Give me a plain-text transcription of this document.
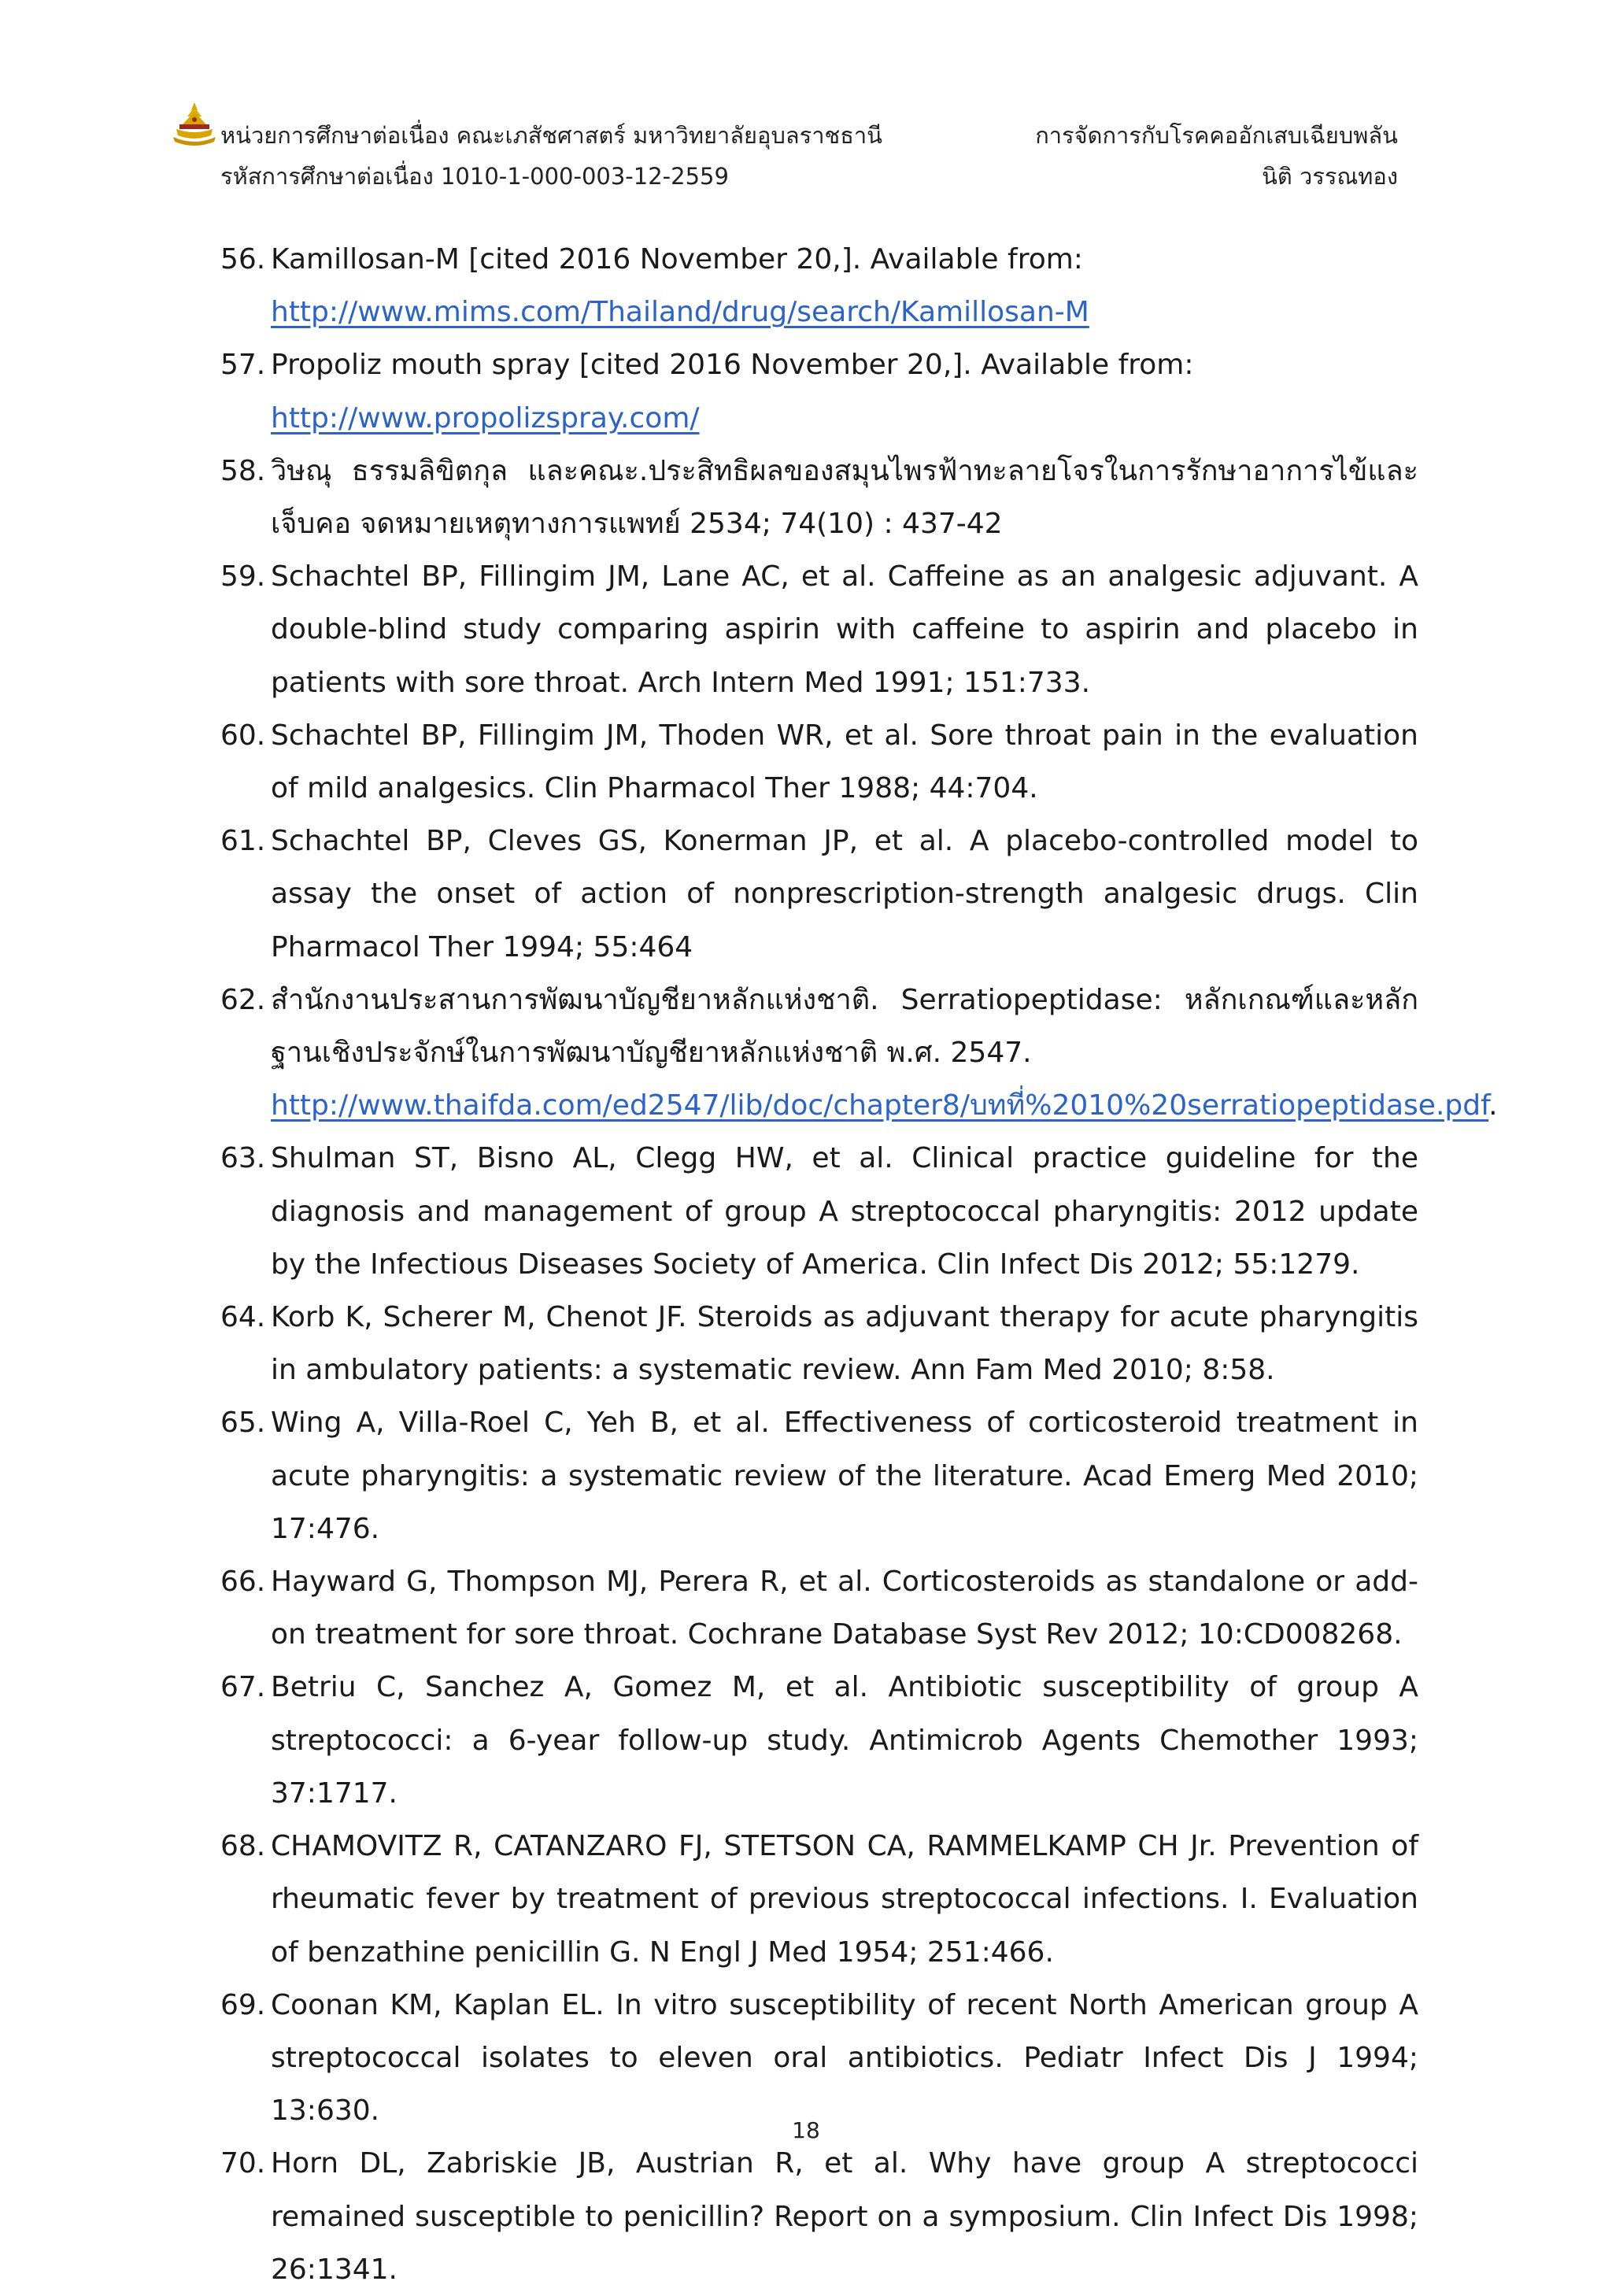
หน่วยการศึกษาต่อเนื่อง คณะเภสัชศาสตร์ มหาวิทยาลัยอุบลราชธานี
รหัสการศึกษาต่อเนื่อง 1010-1-000-003-12-2559
การจัดการกับโรคคออักเสบเฉียบพลัน
นิติ วรรณทอง
56. Kamillosan-M [cited 2016 November 20,]. Available from:
http://www.mims.com/Thailand/drug/search/Kamillosan-M
57. Propoliz mouth spray [cited 2016 November 20,]. Available from:
http://www.propolizspray.com/
58. วิษณุ ธรรมลิขิตกุล และคณะ.ประสิทธิผลของสมุนไพรฟ้าทะลายโจรในการรักษาอาการไข้และเจ็บคอ จดหมายเหตุทางการแพทย์ 2534; 74(10) : 437-42
59. Schachtel BP, Fillingim JM, Lane AC, et al. Caffeine as an analgesic adjuvant. A double-blind study comparing aspirin with caffeine to aspirin and placebo in patients with sore throat. Arch Intern Med 1991; 151:733.
60. Schachtel BP, Fillingim JM, Thoden WR, et al. Sore throat pain in the evaluation of mild analgesics. Clin Pharmacol Ther 1988; 44:704.
61. Schachtel BP, Cleves GS, Konerman JP, et al. A placebo-controlled model to assay the onset of action of nonprescription-strength analgesic drugs. Clin Pharmacol Ther 1994; 55:464
62. สำนักงานประสานการพัฒนาบัญชียาหลักแห่งชาติ. Serratiopeptidase: หลักเกณฑ์และหลักฐานเชิงประจักษ์ในการพัฒนาบัญชียาหลักแห่งชาติ พ.ศ. 2547.
http://www.thaifda.com/ed2547/lib/doc/chapter8/บทที่%2010%20serratiopeptidase.pdf.
63. Shulman ST, Bisno AL, Clegg HW, et al. Clinical practice guideline for the diagnosis and management of group A streptococcal pharyngitis: 2012 update by the Infectious Diseases Society of America. Clin Infect Dis 2012; 55:1279.
64. Korb K, Scherer M, Chenot JF. Steroids as adjuvant therapy for acute pharyngitis in ambulatory patients: a systematic review. Ann Fam Med 2010; 8:58.
65. Wing A, Villa-Roel C, Yeh B, et al. Effectiveness of corticosteroid treatment in acute pharyngitis: a systematic review of the literature. Acad Emerg Med 2010; 17:476.
66. Hayward G, Thompson MJ, Perera R, et al. Corticosteroids as standalone or add-on treatment for sore throat. Cochrane Database Syst Rev 2012; 10:CD008268.
67. Betriu C, Sanchez A, Gomez M, et al. Antibiotic susceptibility of group A streptococci: a 6-year follow-up study. Antimicrob Agents Chemother 1993; 37:1717.
68. CHAMOVITZ R, CATANZARO FJ, STETSON CA, RAMMELKAMP CH Jr. Prevention of rheumatic fever by treatment of previous streptococcal infections. I. Evaluation of benzathine penicillin G. N Engl J Med 1954; 251:466.
69. Coonan KM, Kaplan EL. In vitro susceptibility of recent North American group A streptococcal isolates to eleven oral antibiotics. Pediatr Infect Dis J 1994; 13:630.
70. Horn DL, Zabriskie JB, Austrian R, et al. Why have group A streptococci remained susceptible to penicillin? Report on a symposium. Clin Infect Dis 1998; 26:1341.
18
